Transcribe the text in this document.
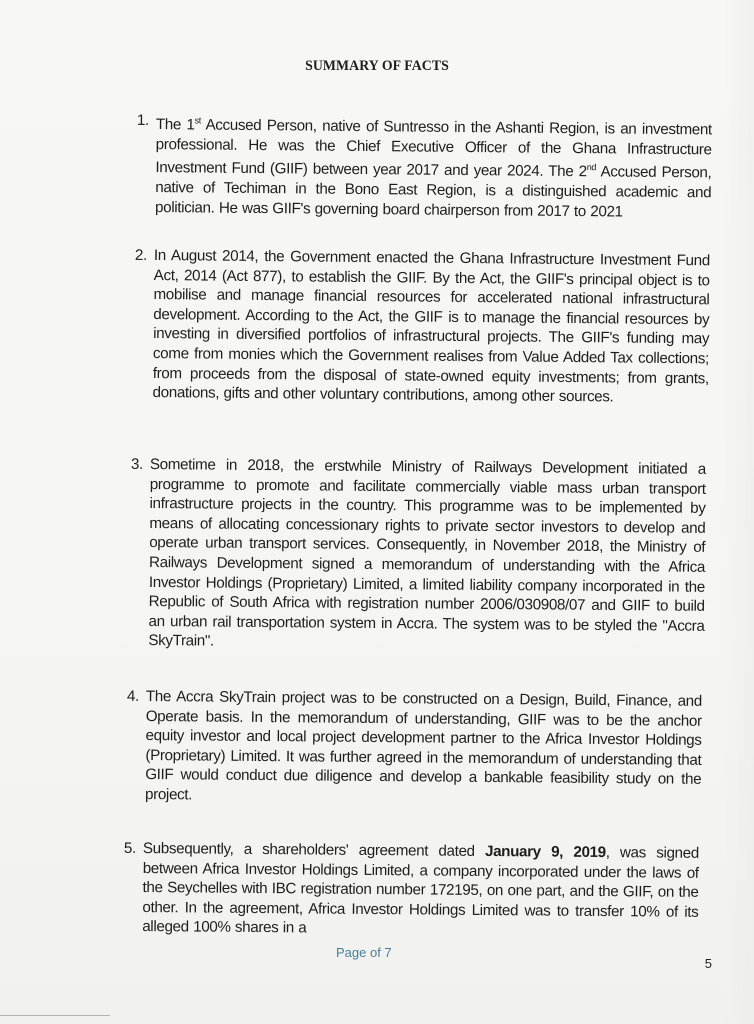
SUMMARY OF FACTS
1. The 1st Accused Person, native of Suntresso in the Ashanti Region, is an investment professional. He was the Chief Executive Officer of the Ghana Infrastructure Investment Fund (GIIF) between year 2017 and year 2024. The 2nd Accused Person, native of Techiman in the Bono East Region, is a distinguished academic and politician. He was GIIF's governing board chairperson from 2017 to 2021
2. In August 2014, the Government enacted the Ghana Infrastructure Investment Fund Act, 2014 (Act 877), to establish the GIIF. By the Act, the GIIF's principal object is to mobilise and manage financial resources for accelerated national infrastructural development. According to the Act, the GIIF is to manage the financial resources by investing in diversified portfolios of infrastructural projects. The GIIF's funding may come from monies which the Government realises from Value Added Tax collections; from proceeds from the disposal of state-owned equity investments; from grants, donations, gifts and other voluntary contributions, among other sources.
3. Sometime in 2018, the erstwhile Ministry of Railways Development initiated a programme to promote and facilitate commercially viable mass urban transport infrastructure projects in the country. This programme was to be implemented by means of allocating concessionary rights to private sector investors to develop and operate urban transport services. Consequently, in November 2018, the Ministry of Railways Development signed a memorandum of understanding with the Africa Investor Holdings (Proprietary) Limited, a limited liability company incorporated in the Republic of South Africa with registration number 2006/030908/07 and GIIF to build an urban rail transportation system in Accra. The system was to be styled the "Accra SkyTrain".
4. The Accra SkyTrain project was to be constructed on a Design, Build, Finance, and Operate basis. In the memorandum of understanding, GIIF was to be the anchor equity investor and local project development partner to the Africa Investor Holdings (Proprietary) Limited. It was further agreed in the memorandum of understanding that GIIF would conduct due diligence and develop a bankable feasibility study on the project.
5. Subsequently, a shareholders' agreement dated January 9, 2019, was signed between Africa Investor Holdings Limited, a company incorporated under the laws of the Seychelles with IBC registration number 172195, on one part, and the GIIF, on the other. In the agreement, Africa Investor Holdings Limited was to transfer 10% of its alleged 100% shares in a
Page of 7
5
